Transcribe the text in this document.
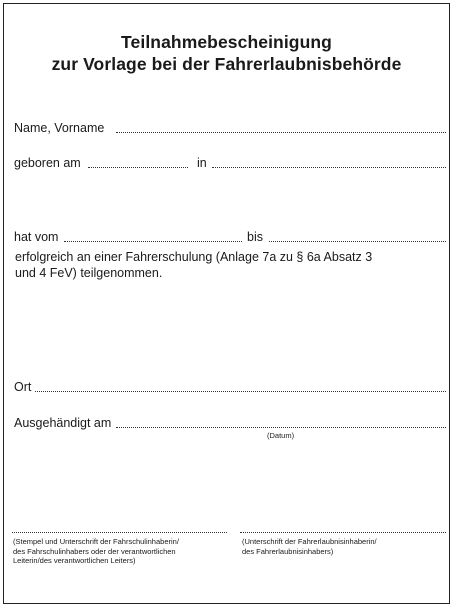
Teilnahmebescheinigung
zur Vorlage bei der Fahrerlaubnisbehörde
Name, Vorname
geboren am	in
hat vom	bis
erfolgreich an einer Fahrerschulung (Anlage 7a zu § 6a Absatz 3
und 4 FeV) teilgenommen.
Ort
Ausgehändigt am
(Datum)
(Stempel und Unterschrift der Fahrschulinhaberin/
des Fahrschulinhabers oder der verantwortlichen
Leiterin/des verantwortlichen Leiters)
(Unterschrift der Fahrerlaubnisinhaberin/
des Fahrerlaubnisinhabers)
